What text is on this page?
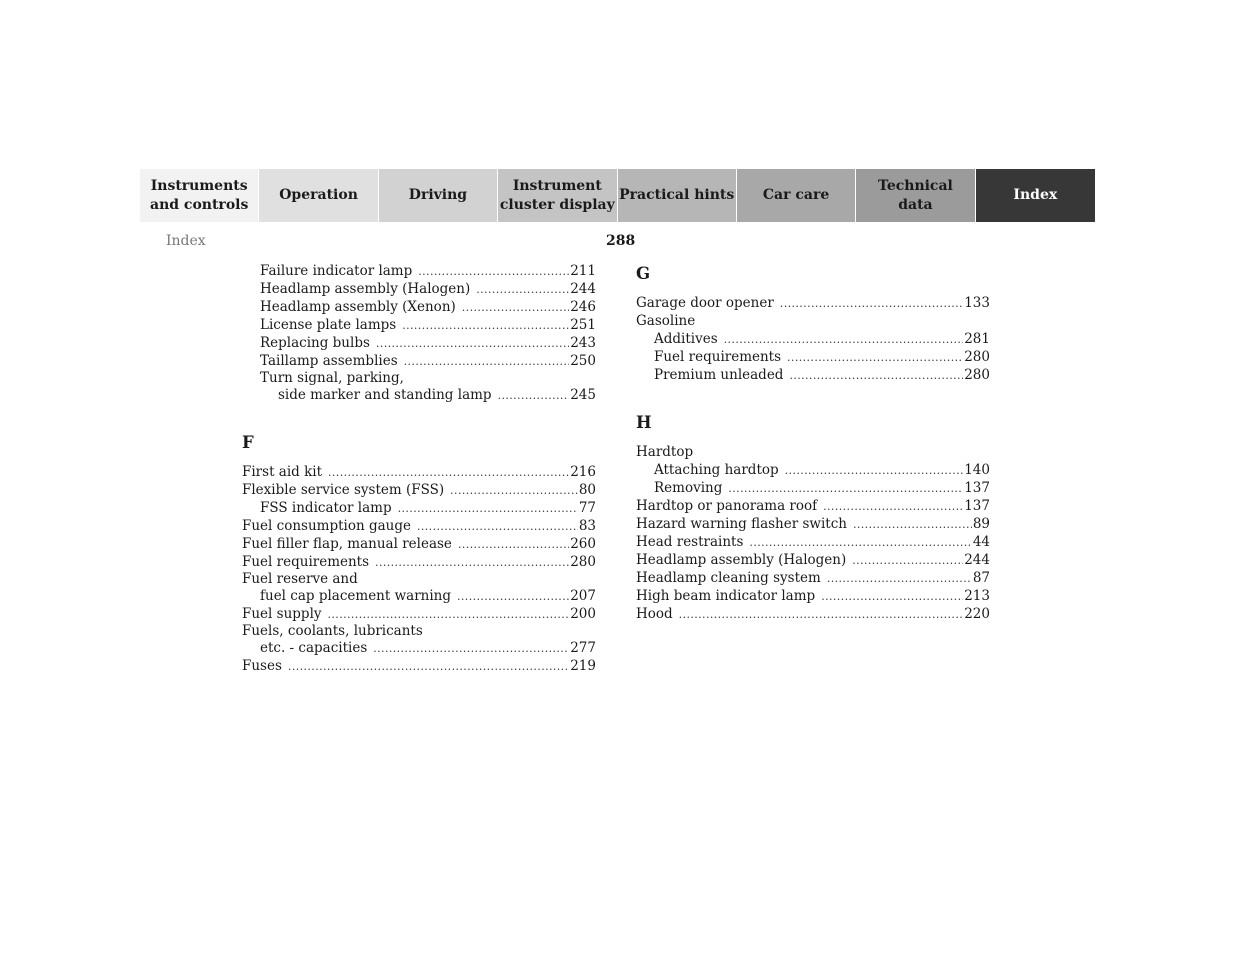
Instruments
and controls
Operation	Driving
Instrument
cluster display
Practical hints	Car care
Technical
data
Index
Index	288
Failure indicator lamp .....	211
Headlamp assembly (Halogen) .....	244
Headlamp assembly (Xenon) .....	246
License plate lamps .....	251
Replacing bulbs .....	243
Taillamp assemblies .....	250
Turn signal, parking,
side marker and standing lamp .....	245
F
First aid kit .....	216
Flexible service system (FSS) .....	80
FSS indicator lamp .....	77
Fuel consumption gauge .....	83
Fuel filler flap, manual release .....	260
Fuel requirements .....	280
Fuel reserve and
fuel cap placement warning .....	207
Fuel supply .....	200
Fuels, coolants, lubricants
etc. - capacities .....	277
Fuses .....	219
G
Garage door opener .....	133
Gasoline
Additives .....	281
Fuel requirements .....	280
Premium unleaded .....	280
H
Hardtop
Attaching hardtop .....	140
Removing .....	137
Hardtop or panorama roof .....	137
Hazard warning flasher switch .....	89
Head restraints .....	44
Headlamp assembly (Halogen) .....	244
Headlamp cleaning system .....	87
High beam indicator lamp .....	213
Hood .....	220
